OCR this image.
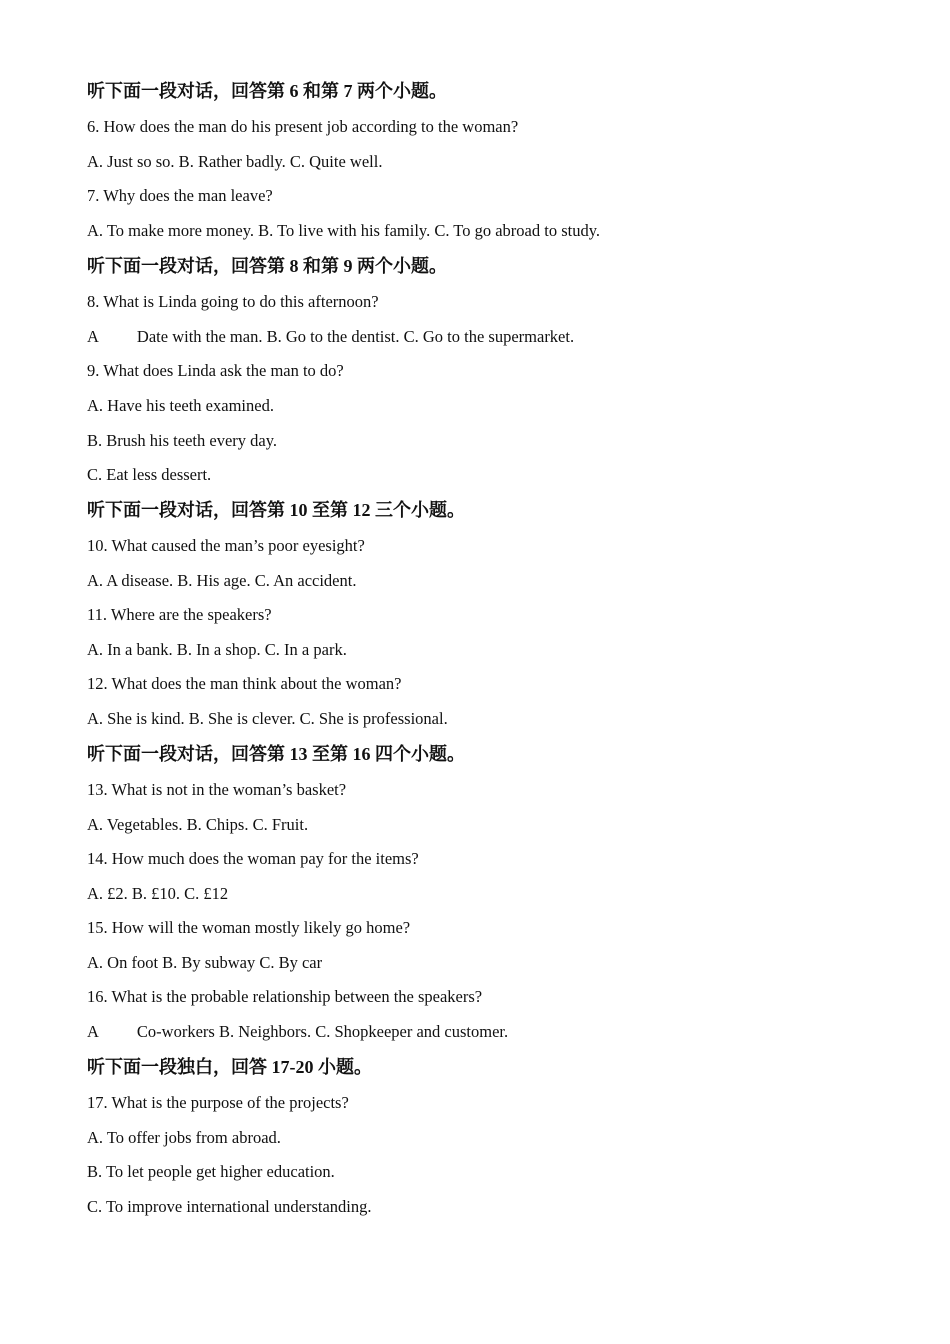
听下面一段对话，回答第 6 和第 7 两个小题。
6. How does the man do his present job according to the woman?
A. Just so so. B. Rather badly. C. Quite well.
7. Why does the man leave?
A. To make more money. B. To live with his family. C. To go abroad to study.
听下面一段对话，回答第 8 和第 9 两个小题。
8. What is Linda going to do this afternoon?
A Date with the man. B. Go to the dentist. C. Go to the supermarket.
9. What does Linda ask the man to do?
A. Have his teeth examined.
B. Brush his teeth every day.
C. Eat less dessert.
听下面一段对话，回答第 10 至第 12 三个小题。
10. What caused the man’s poor eyesight?
A. A disease. B. His age. C. An accident.
11. Where are the speakers?
A. In a bank. B. In a shop. C. In a park.
12. What does the man think about the woman?
A. She is kind. B. She is clever. C. She is professional.
听下面一段对话，回答第 13 至第 16 四个小题。
13. What is not in the woman’s basket?
A. Vegetables. B. Chips. C. Fruit.
14. How much does the woman pay for the items?
A. £2. B. £10. C. £12
15. How will the woman mostly likely go home?
A. On foot B. By subway C. By car
16. What is the probable relationship between the speakers?
A Co-workers B. Neighbors. C. Shopkeeper and customer.
听下面一段独白，回答 17-20 小题。
17. What is the purpose of the projects?
A. To offer jobs from abroad.
B. To let people get higher education.
C. To improve international understanding.
